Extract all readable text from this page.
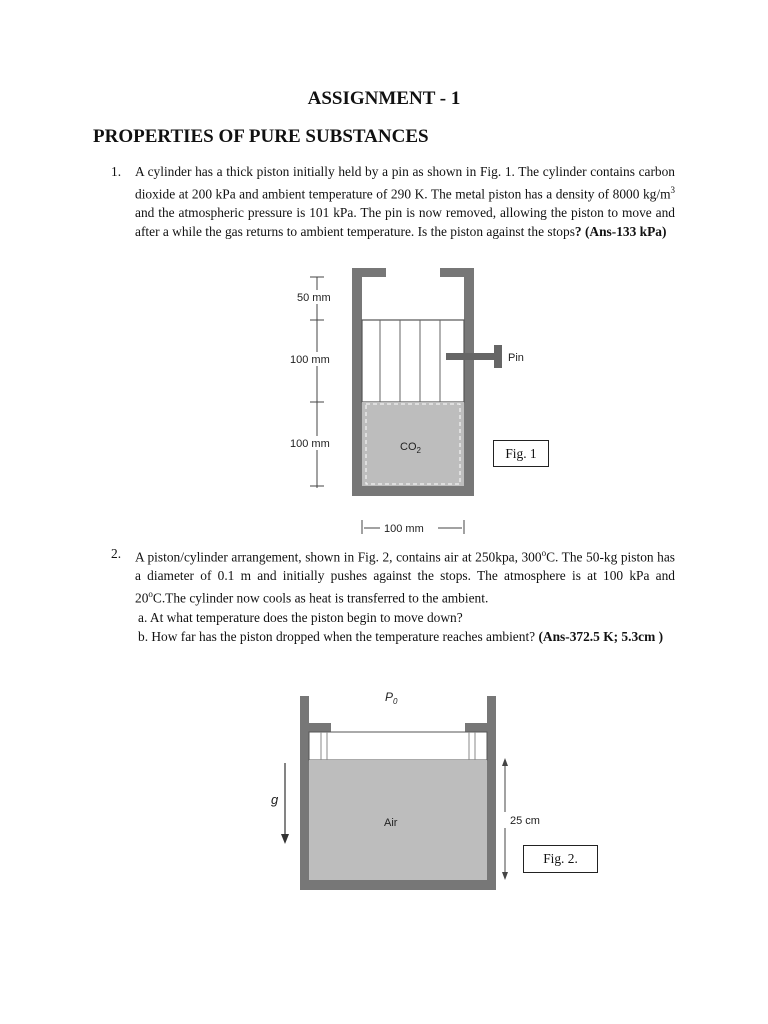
ASSIGNMENT - 1
PROPERTIES OF PURE SUBSTANCES
1. A cylinder has a thick piston initially held by a pin as shown in Fig. 1. The cylinder contains carbon dioxide at 200 kPa and ambient temperature of 290 K. The metal piston has a density of 8000 $kg/m^3$ and the atmospheric pressure is 101 kPa. The pin is now removed, allowing the piston to move and after a while the gas returns to ambient temperature. Is the piston against the stops? (Ans-133 kPa)
$CO_2$
Pin
50 mm
100 mm
100 mm
100 mm
Fig. 1
2. A piston/cylinder arrangement, shown in Fig. 2, contains air at 250kpa, 300$^o$C. The 50-kg piston has a diameter of 0.1 m and initially pushes against the stops. The atmosphere is at 100 kPa and 20$^o$C.The cylinder now cools as heat is transferred to the ambient.
a. At what temperature does the piston begin to move down?
b. How far has the piston dropped when the temperature reaches ambient? (Ans-372.5 K; 5.3cm )
$P_0$
Air
g
25 cm
Fig. 2.
